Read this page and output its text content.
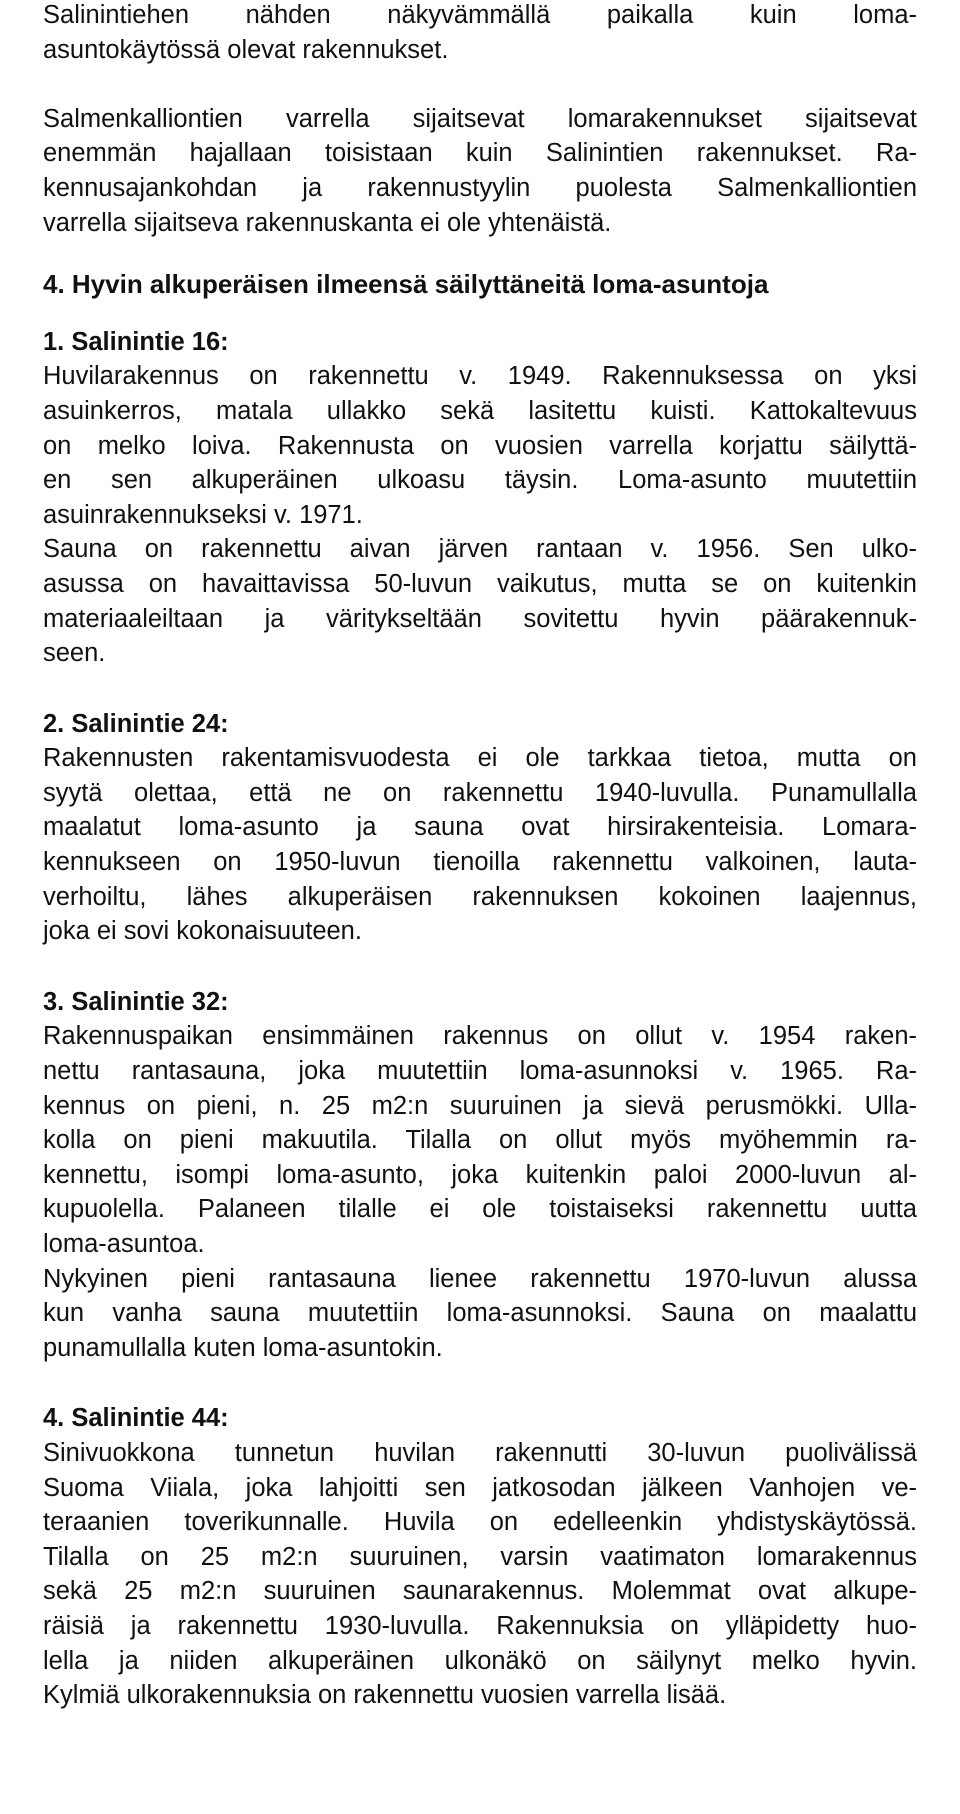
Salinintiehen nähden näkyvämmällä paikalla kuin loma-
asuntokäytössä olevat rakennukset.
Salmenkalliontien varrella sijaitsevat lomarakennukset sijaitsevat
enemmän hajallaan toisistaan kuin Salinintien rakennukset. Ra-
kennusajankohdan ja rakennustyylin puolesta Salmenkalliontien
varrella sijaitseva rakennuskanta ei ole yhtenäistä.
4. Hyvin alkuperäisen ilmeensä säilyttäneitä loma-asuntoja
1. Salinintie 16:
Huvilarakennus on rakennettu v. 1949. Rakennuksessa on yksi
asuinkerros, matala ullakko sekä lasitettu kuisti. Kattokaltevuus
on melko loiva. Rakennusta on vuosien varrella korjattu säilyttä-
en sen alkuperäinen ulkoasu täysin. Loma-asunto muutettiin
asuinrakennukseksi v. 1971.
Sauna on rakennettu aivan järven rantaan v. 1956. Sen ulko-
asussa on havaittavissa 50-luvun vaikutus, mutta se on kuitenkin
materiaaleiltaan ja väritykseltään sovitettu hyvin päärakennuk-
seen.
2. Salinintie 24:
Rakennusten rakentamisvuodesta ei ole tarkkaa tietoa, mutta on
syytä olettaa, että ne on rakennettu 1940-luvulla. Punamullalla
maalatut loma-asunto ja sauna ovat hirsirakenteisia. Lomara-
kennukseen on 1950-luvun tienoilla rakennettu valkoinen, lauta-
verhoiltu, lähes alkuperäisen rakennuksen kokoinen laajennus,
joka ei sovi kokonaisuuteen.
3. Salinintie 32:
Rakennuspaikan ensimmäinen rakennus on ollut v. 1954 raken-
nettu rantasauna, joka muutettiin loma-asunnoksi v. 1965. Ra-
kennus on pieni, n. 25 m2:n suuruinen ja sievä perusmökki. Ulla-
kolla on pieni makuutila. Tilalla on ollut myös myöhemmin ra-
kennettu, isompi loma-asunto, joka kuitenkin paloi 2000-luvun al-
kupuolella. Palaneen tilalle ei ole toistaiseksi rakennettu uutta
loma-asuntoa.
Nykyinen pieni rantasauna lienee rakennettu 1970-luvun alussa
kun vanha sauna muutettiin loma-asunnoksi. Sauna on maalattu
punamullalla kuten loma-asuntokin.
4. Salinintie 44:
Sinivuokkona tunnetun huvilan rakennutti 30-luvun puolivälissä
Suoma Viiala, joka lahjoitti sen jatkosodan jälkeen Vanhojen ve-
teraanien toverikunnalle. Huvila on edelleenkin yhdistyskäytössä.
Tilalla on 25 m2:n suuruinen, varsin vaatimaton lomarakennus
sekä 25 m2:n suuruinen saunarakennus. Molemmat ovat alkupe-
räisiä ja rakennettu 1930-luvulla. Rakennuksia on ylläpidetty huo-
lella ja niiden alkuperäinen ulkonäkö on säilynyt melko hyvin.
Kylmiä ulkorakennuksia on rakennettu vuosien varrella lisää.
